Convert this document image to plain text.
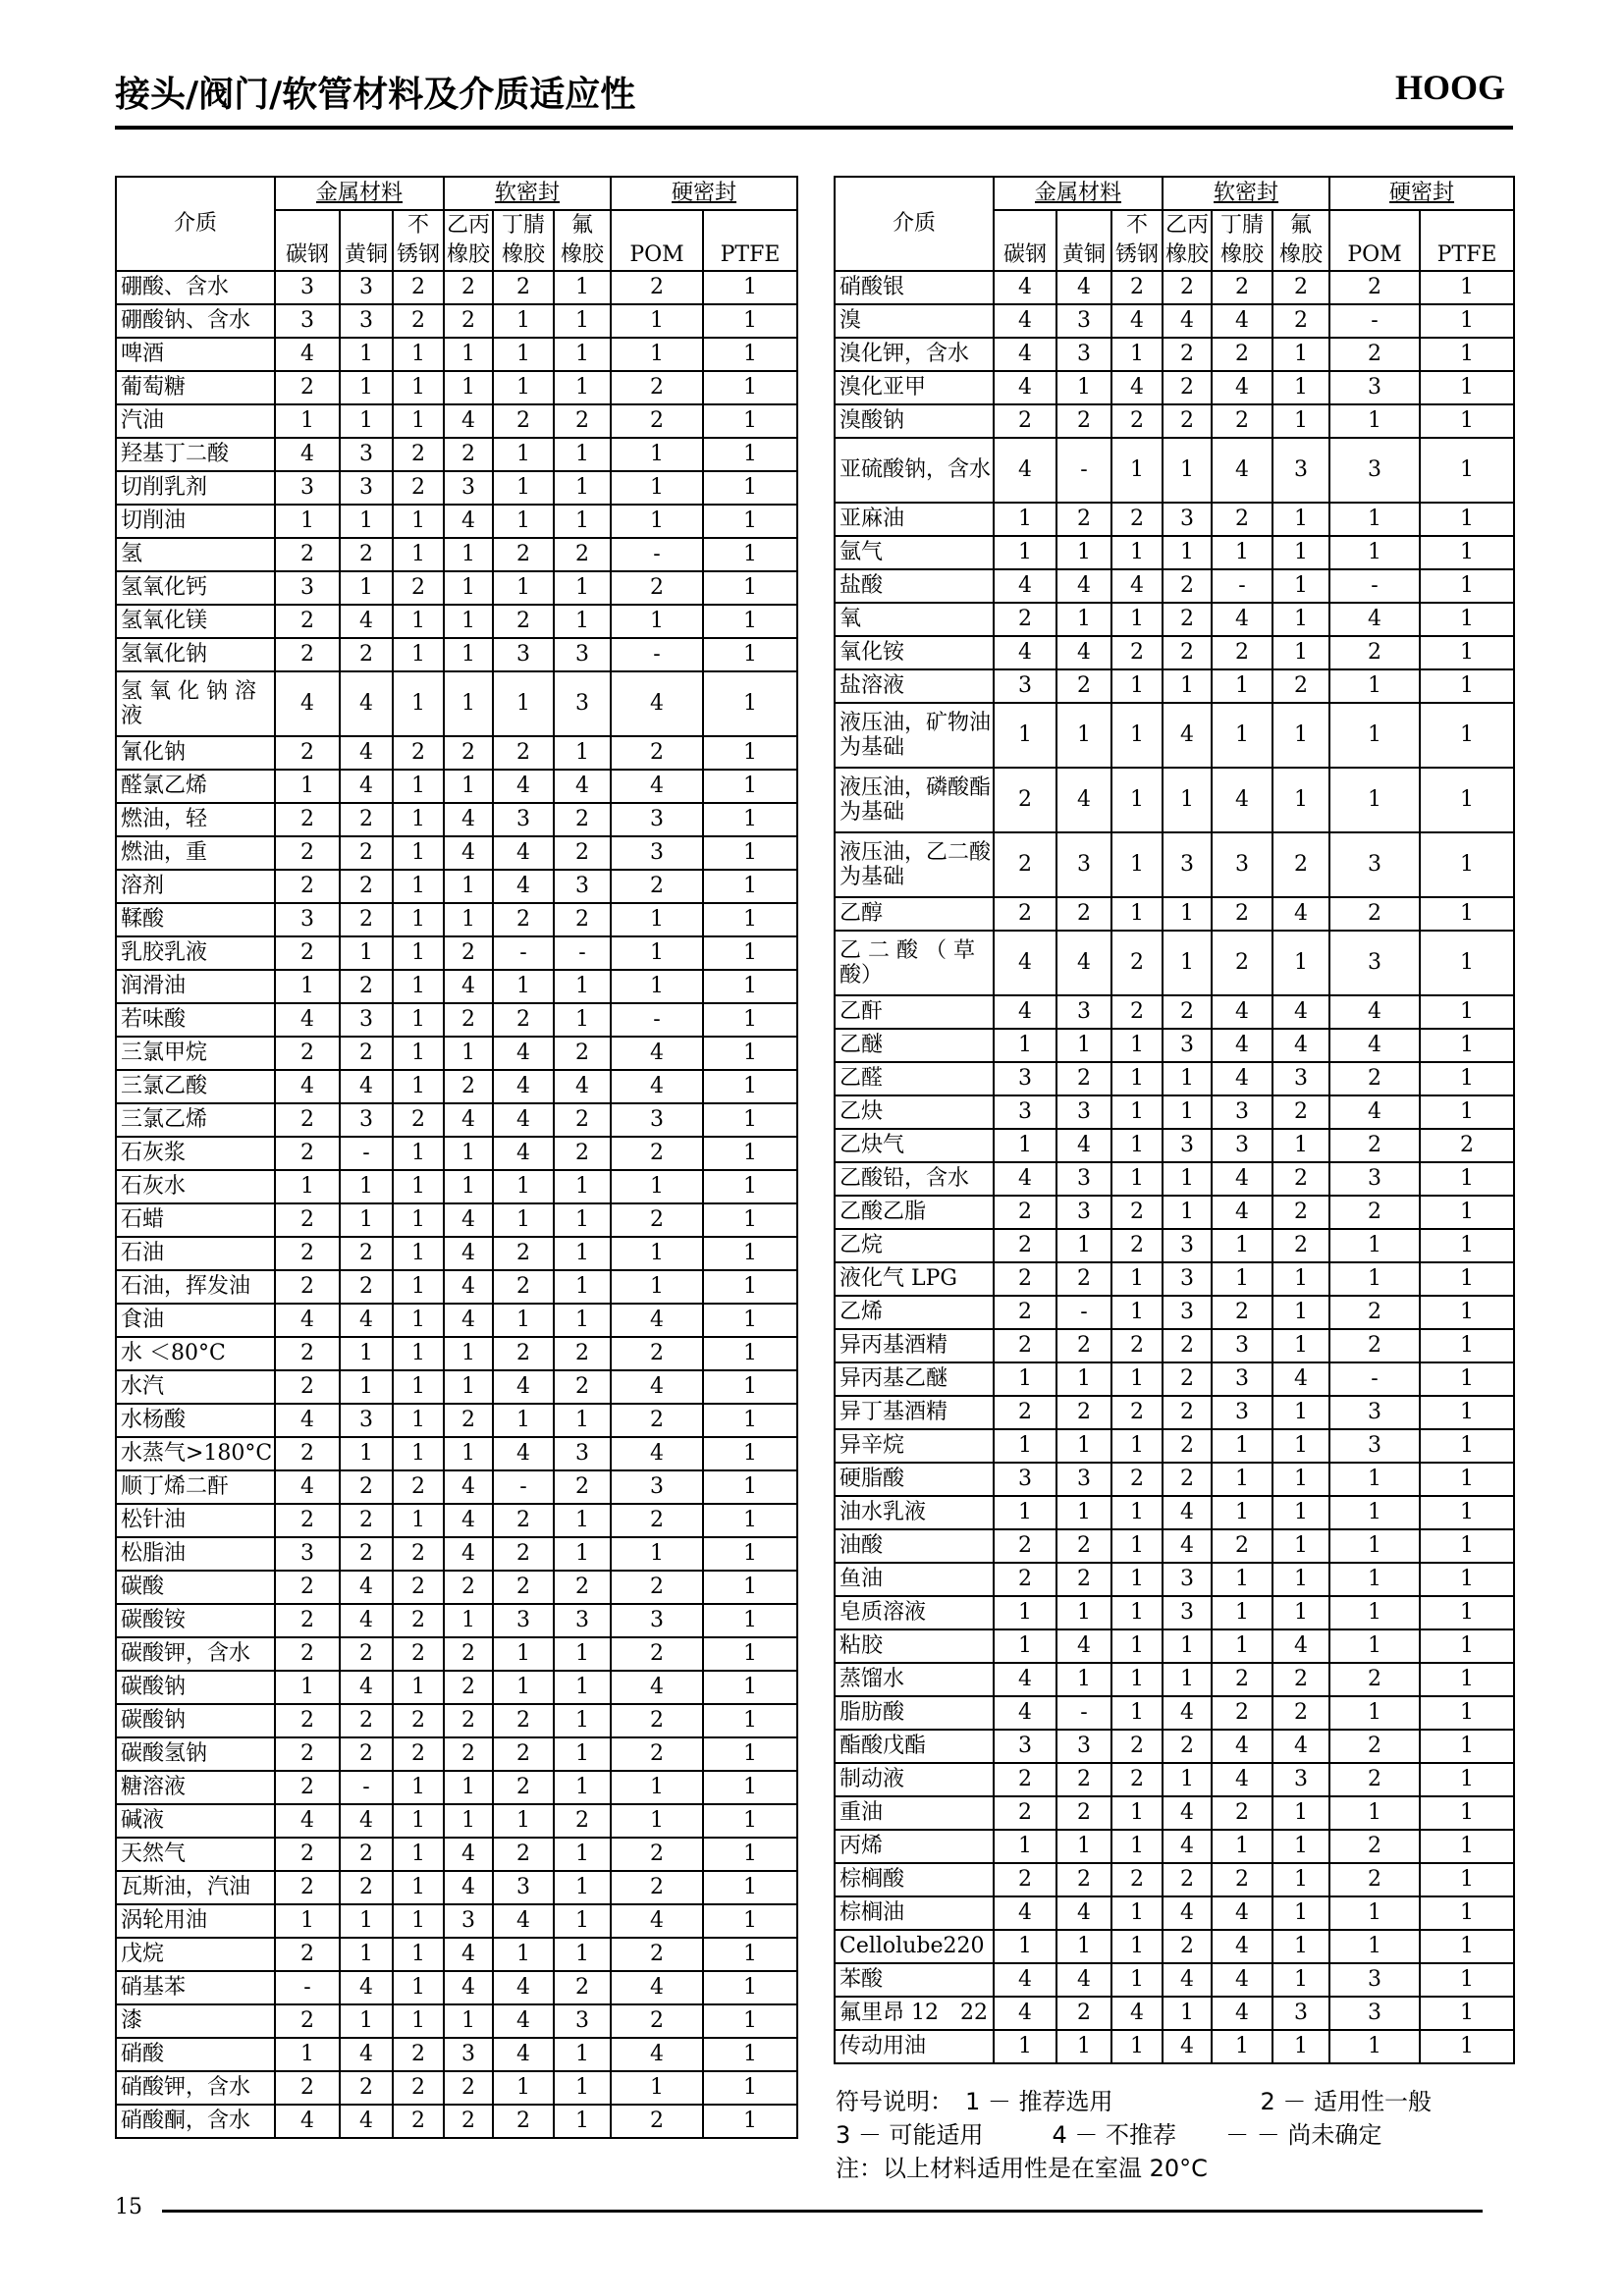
接头/阀门/软管材料及介质适应性	HOOG
介质	金属材料			软密封			硬密封	
			不	乙丙	丁腈	氟		
	碳钢	黄铜	锈钢	橡胶	橡胶	橡胶	POM	PTFE
硼酸、含水	3	3	2	2	2	1	2	1
硼酸钠、含水	3	3	2	2	1	1	1	1
啤酒	4	1	1	1	1	1	1	1
葡萄糖	2	1	1	1	1	1	2	1
汽油	1	1	1	4	2	2	2	1
羟基丁二酸	4	3	2	2	1	1	1	1
切削乳剂	3	3	2	3	1	1	1	1
切削油	1	1	1	4	1	1	1	1
氢	2	2	1	1	2	2	-	1
氢氧化钙	3	1	2	1	1	1	2	1
氢氧化镁	2	4	1	1	2	1	1	1
氢氧化钠	2	2	1	1	3	3	-	1
氢 氧 化 钠 溶液	4	4	1	1	1	3	4	1
氰化钠	2	4	2	2	2	1	2	1
醛氯乙烯	1	4	1	1	4	4	4	1
燃油，轻	2	2	1	4	3	2	3	1
燃油，重	2	2	1	4	4	2	3	1
溶剂	2	2	1	1	4	3	2	1
鞣酸	3	2	1	1	2	2	1	1
乳胶乳液	2	1	1	2	-	-	1	1
润滑油	1	2	1	4	1	1	1	1
若味酸	4	3	1	2	2	1	-	1
三氯甲烷	2	2	1	1	4	2	4	1
三氯乙酸	4	4	1	2	4	4	4	1
三氯乙烯	2	3	2	4	4	2	3	1
石灰浆	2	-	1	1	4	2	2	1
石灰水	1	1	1	1	1	1	1	1
石蜡	2	1	1	4	1	1	2	1
石油	2	2	1	4	2	1	1	1
石油，挥发油	2	2	1	4	2	1	1	1
食油	4	4	1	4	1	1	4	1
水 ＜80°C	2	1	1	1	2	2	2	1
水汽	2	1	1	1	4	2	4	1
水杨酸	4	3	1	2	1	1	2	1
水蒸气>180°C	2	1	1	1	4	3	4	1
顺丁烯二酐	4	2	2	4	-	2	3	1
松针油	2	2	1	4	2	1	2	1
松脂油	3	2	2	4	2	1	1	1
碳酸	2	4	2	2	2	2	2	1
碳酸铵	2	4	2	1	3	3	3	1
碳酸钾，含水	2	2	2	2	1	1	2	1
碳酸钠	1	4	1	2	1	1	4	1
碳酸钠	2	2	2	2	2	1	2	1
碳酸氢钠	2	2	2	2	2	1	2	1
糖溶液	2	-	1	1	2	1	1	1
碱液	4	4	1	1	1	2	1	1
天然气	2	2	1	4	2	1	2	1
瓦斯油，汽油	2	2	1	4	3	1	2	1
涡轮用油	1	1	1	3	4	1	4	1
戊烷	2	1	1	4	1	1	2	1
硝基苯	-	4	1	4	4	2	4	1
漆	2	1	1	1	4	3	2	1
硝酸	1	4	2	3	4	1	4	1
硝酸钾，含水	2	2	2	2	1	1	1	1
硝酸酮，含水	4	4	2	2	2	1	2	1
介质	金属材料			软密封			硬密封	
			不	乙丙	丁腈	氟		
	碳钢	黄铜	锈钢	橡胶	橡胶	橡胶	POM	PTFE
硝酸银	4	4	2	2	2	2	2	1
溴	4	3	4	4	4	2	-	1
溴化钾，含水	4	3	1	2	2	1	2	1
溴化亚甲	4	1	4	2	4	1	3	1
溴酸钠	2	2	2	2	2	1	1	1
亚硫酸钠，含水	4	-	1	1	4	3	3	1
亚麻油	1	2	2	3	2	1	1	1
氩气	1	1	1	1	1	1	1	1
盐酸	4	4	4	2	-	1	-	1
氧	2	1	1	2	4	1	4	1
氧化铵	4	4	2	2	2	1	2	1
盐溶液	3	2	1	1	1	2	1	1
液压油，矿物油为基础	1	1	1	4	1	1	1	1
液压油，磷酸酯为基础	2	4	1	1	4	1	1	1
液压油，乙二酸为基础	2	3	1	3	3	2	3	1
乙醇	2	2	1	1	2	4	2	1
乙 二 酸 （ 草酸）	4	4	2	1	2	1	3	1
乙酐	4	3	2	2	4	4	4	1
乙醚	1	1	1	3	4	4	4	1
乙醛	3	2	1	1	4	3	2	1
乙炔	3	3	1	1	3	2	4	1
乙炔气	1	4	1	3	3	1	2	2
乙酸铅，含水	4	3	1	1	4	2	3	1
乙酸乙脂	2	3	2	1	4	2	2	1
乙烷	2	1	2	3	1	2	1	1
液化气 LPG	2	2	1	3	1	1	1	1
乙烯	2	-	1	3	2	1	2	1
异丙基酒精	2	2	2	2	3	1	2	1
异丙基乙醚	1	1	1	2	3	4	-	1
异丁基酒精	2	2	2	2	3	1	3	1
异辛烷	1	1	1	2	1	1	3	1
硬脂酸	3	3	2	2	1	1	1	1
油水乳液	1	1	1	4	1	1	1	1
油酸	2	2	1	4	2	1	1	1
鱼油	2	2	1	3	1	1	1	1
皂质溶液	1	1	1	3	1	1	1	1
粘胶	1	4	1	1	1	4	1	1
蒸馏水	4	1	1	1	2	2	2	1
脂肪酸	4	-	1	4	2	2	1	1
酯酸戊酯	3	3	2	2	4	4	2	1
制动液	2	2	2	1	4	3	2	1
重油	2	2	1	4	2	1	1	1
丙烯	1	1	1	4	1	1	2	1
棕榈酸	2	2	2	2	2	1	2	1
棕榈油	4	4	1	4	4	1	1	1
Cellolube220	1	1	1	2	4	1	1	1
苯酸	4	4	1	4	4	1	3	1
氟里昂 12　22	4	2	4	1	4	3	3	1
传动用油	1	1	1	4	1	1	1	1
符号说明：　1 － 推荐选用	2 － 适用性一般
3 － 可能适用	4 － 不推荐 － － 尚未确定
注：以上材料适用性是在室温 20°C
15
